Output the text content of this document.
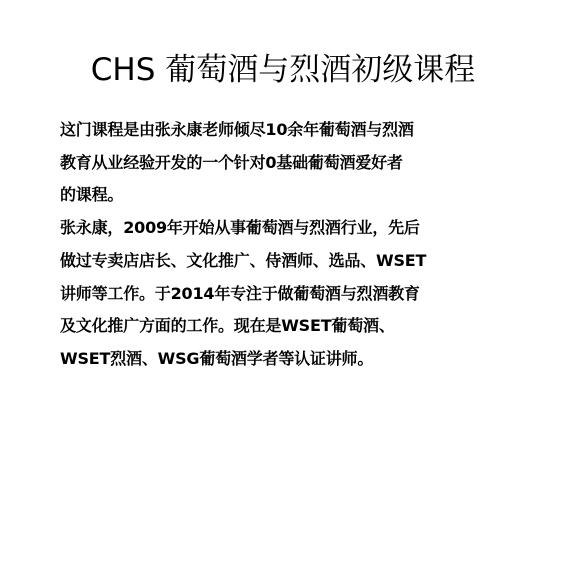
CHS 葡萄酒与烈酒初级课程
这门课程是由张永康老师倾尽10余年葡萄酒与烈酒
教育从业经验开发的一个针对0基础葡萄酒爱好者
的课程。
张永康，2009年开始从事葡萄酒与烈酒行业，先后
做过专卖店店长、文化推广、侍酒师、选品、WSET
讲师等工作。于2014年专注于做葡萄酒与烈酒教育
及文化推广方面的工作。现在是WSET葡萄酒、
WSET烈酒、WSG葡萄酒学者等认证讲师。
